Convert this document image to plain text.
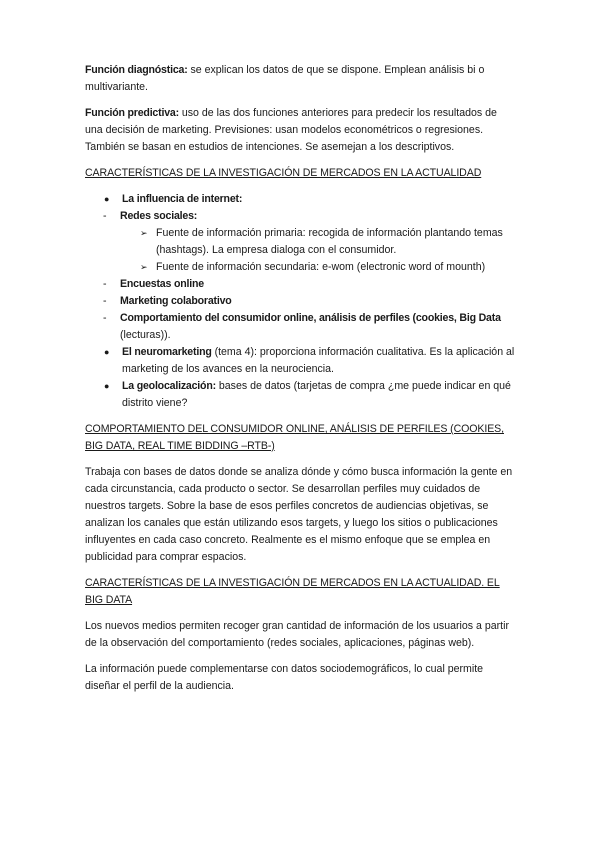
Función diagnóstica: se explican los datos de que se dispone. Emplean análisis bi o multivariante.

Función predictiva: uso de las dos funciones anteriores para predecir los resultados de una decisión de marketing. Previsiones: usan modelos econométricos o regresiones. También se basan en estudios de intenciones. Se asemejan a los descriptivos.

CARACTERÍSTICAS DE LA INVESTIGACIÓN DE MERCADOS EN LA ACTUALIDAD
● La influencia de internet:
- Redes sociales:
➢ Fuente de información primaria: recogida de información plantando temas (hashtags). La empresa dialoga con el consumidor.
➢ Fuente de información secundaria: e-wom (electronic word of mounth)
- Encuestas online
- Marketing colaborativo
- Comportamiento del consumidor online, análisis de perfiles (cookies, Big Data (lecturas)).
● El neuromarketing (tema 4): proporciona información cualitativa. Es la aplicación al marketing de los avances en la neurociencia.
● La geolocalización: bases de datos (tarjetas de compra ¿me puede indicar en qué distrito viene?
COMPORTAMIENTO DEL CONSUMIDOR ONLINE, ANÁLISIS DE PERFILES (COOKIES, BIG DATA, REAL TIME BIDDING –RTB-)

Trabaja con bases de datos donde se analiza dónde y cómo busca información la gente en cada circunstancia, cada producto o sector. Se desarrollan perfiles muy cuidados de nuestros targets. Sobre la base de esos perfiles concretos de audiencias objetivas, se analizan los canales que están utilizando esos targets, y luego los sitios o publicaciones influyentes en cada caso concreto. Realmente es el mismo enfoque que se emplea en publicidad para comprar espacios.

CARACTERÍSTICAS DE LA INVESTIGACIÓN DE MERCADOS EN LA ACTUALIDAD. EL BIG DATA

Los nuevos medios permiten recoger gran cantidad de información de los usuarios a partir de la observación del comportamiento (redes sociales, aplicaciones, páginas web).

La información puede complementarse con datos sociodemográficos, lo cual permite diseñar el perfil de la audiencia.
